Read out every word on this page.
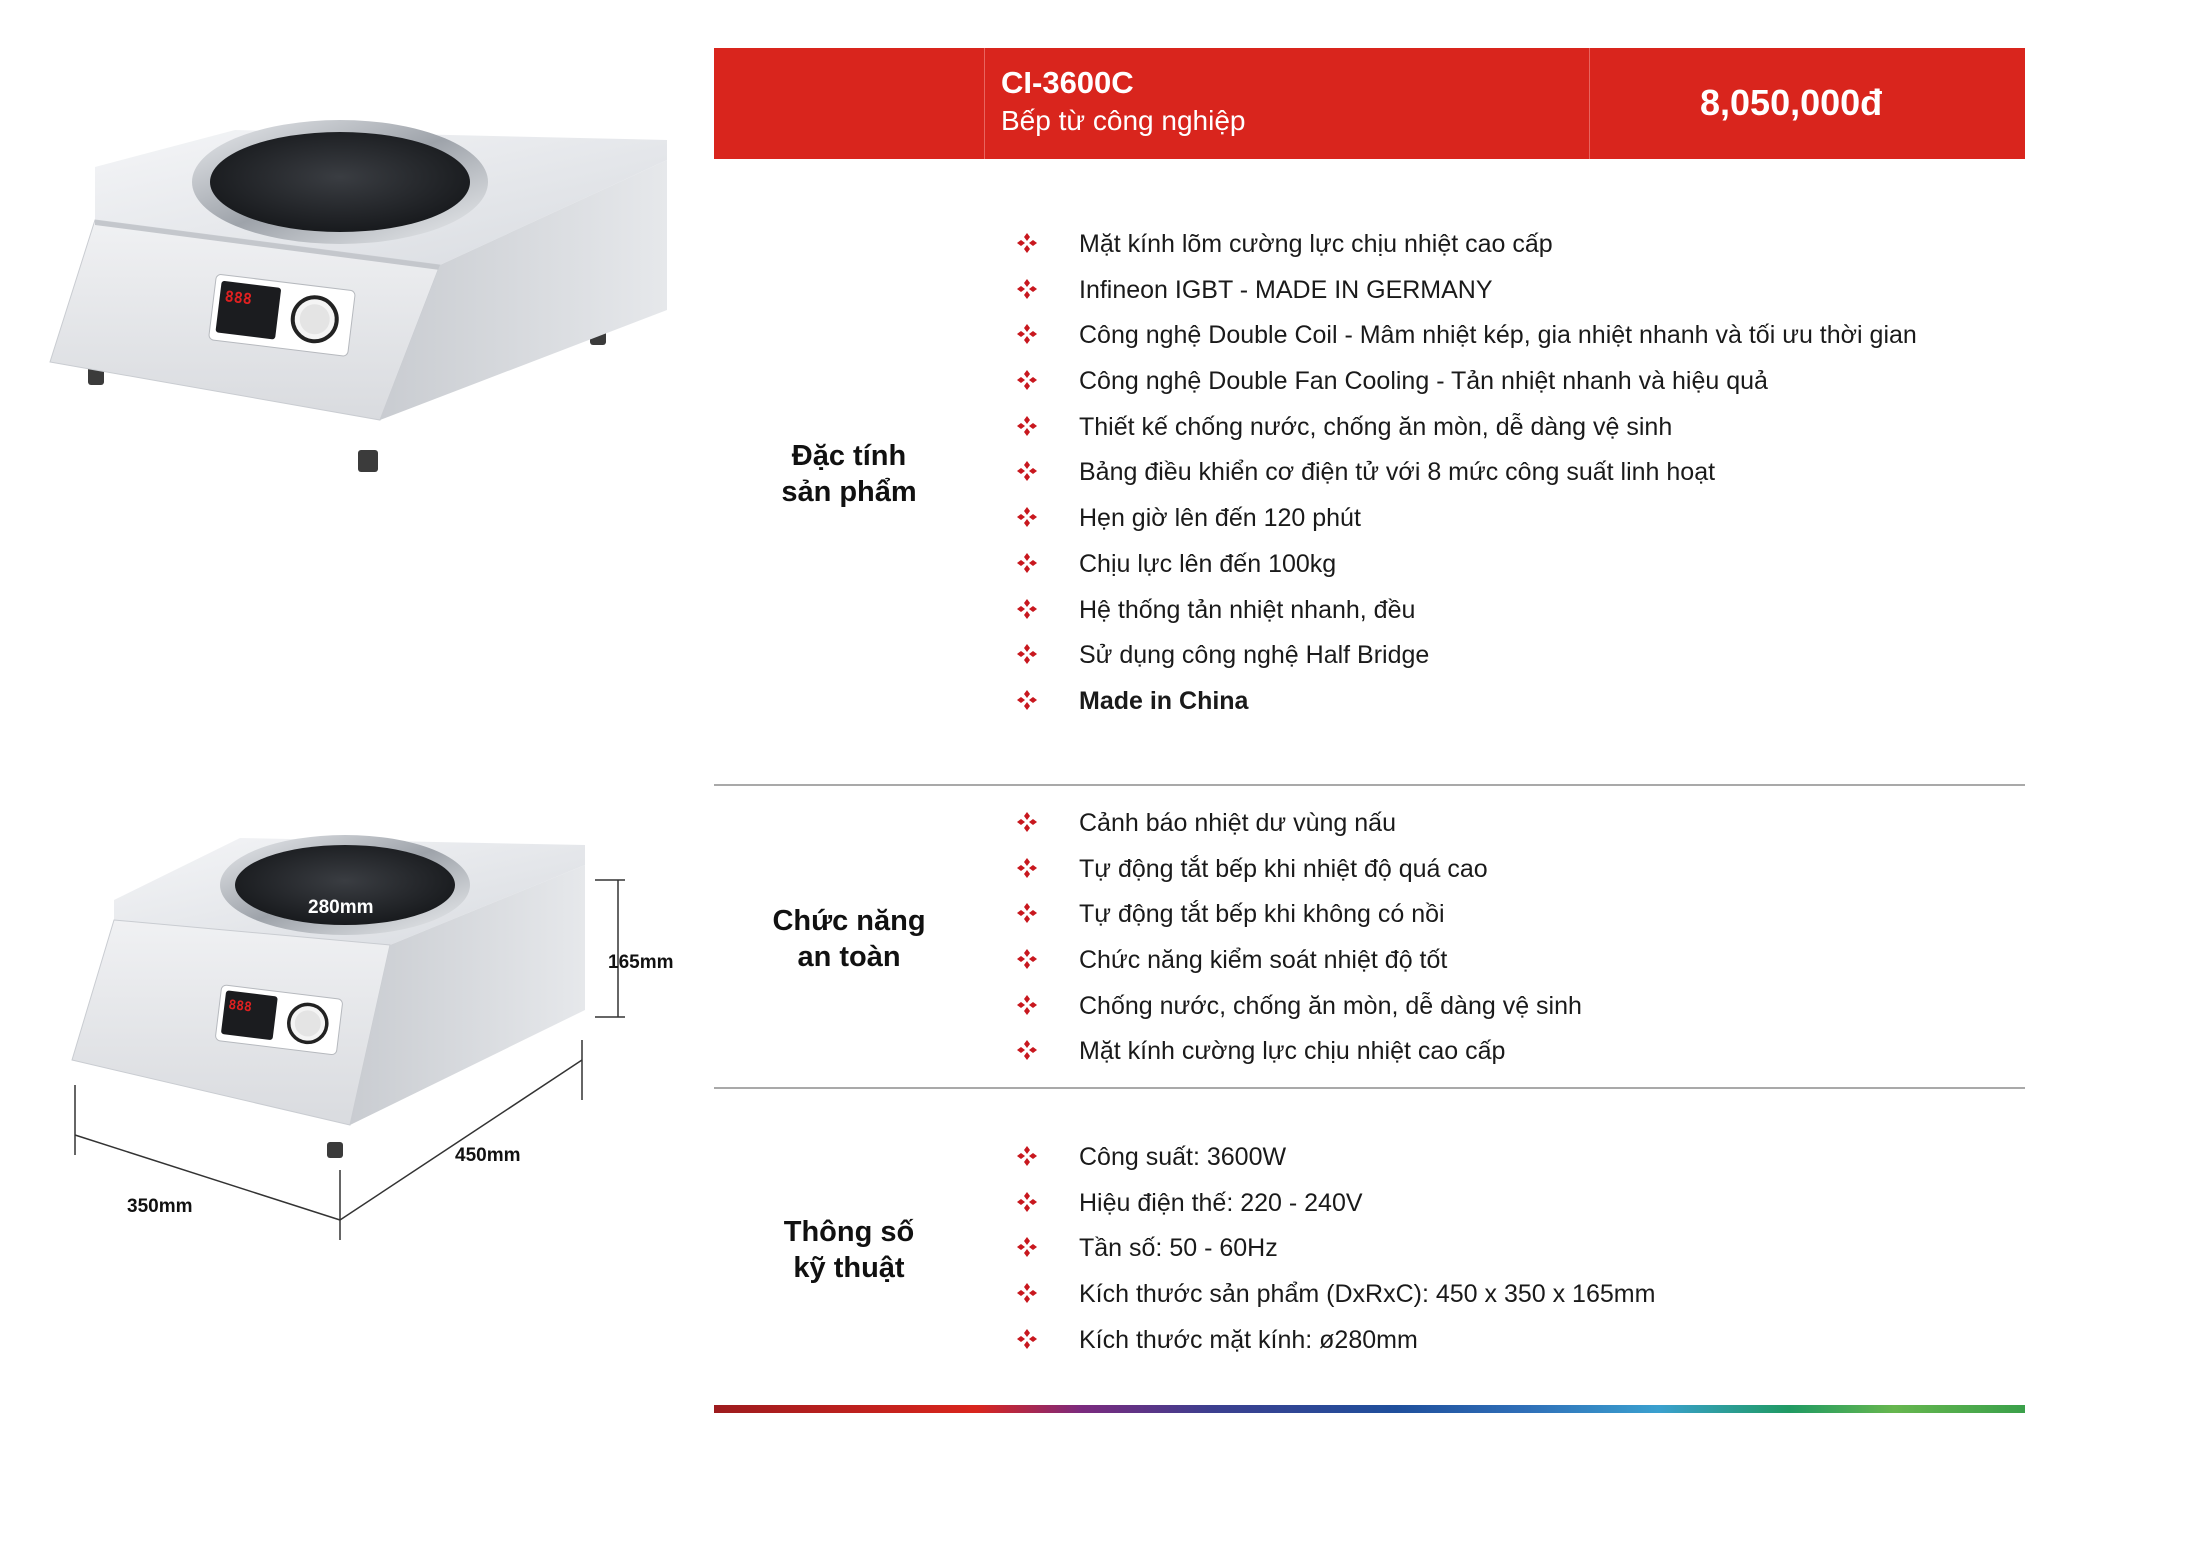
CI-3600C
Bếp từ công nghiệp	8,050,000đ
888
888
280mm
165mm
450mm
350mm
Đặc tính
sản phẩm
Mặt kính lõm cường lực chịu nhiệt cao cấp
Infineon IGBT - MADE IN GERMANY
Công nghệ Double Coil - Mâm nhiệt kép, gia nhiệt nhanh và tối ưu thời gian
Công nghệ Double Fan Cooling - Tản nhiệt nhanh và hiệu quả
Thiết kế chống nước, chống ăn mòn, dễ dàng vệ sinh
Bảng điều khiển cơ điện tử với 8 mức công suất linh hoạt
Hẹn giờ lên đến 120 phút
Chịu lực lên đến 100kg
Hệ thống tản nhiệt nhanh, đều
Sử dụng công nghệ Half Bridge
Made in China
Chức năng
an toàn
Cảnh báo nhiệt dư vùng nấu
Tự động tắt bếp khi nhiệt độ quá cao
Tự động tắt bếp khi không có nồi
Chức năng kiểm soát nhiệt độ tốt
Chống nước, chống ăn mòn, dễ dàng vệ sinh
Mặt kính cường lực chịu nhiệt cao cấp
Thông số
kỹ thuật
Công suất: 3600W
Hiệu điện thế: 220 - 240V
Tần số: 50 - 60Hz
Kích thước sản phẩm (DxRxC): 450 x 350 x 165mm
Kích thước mặt kính: ø280mm
